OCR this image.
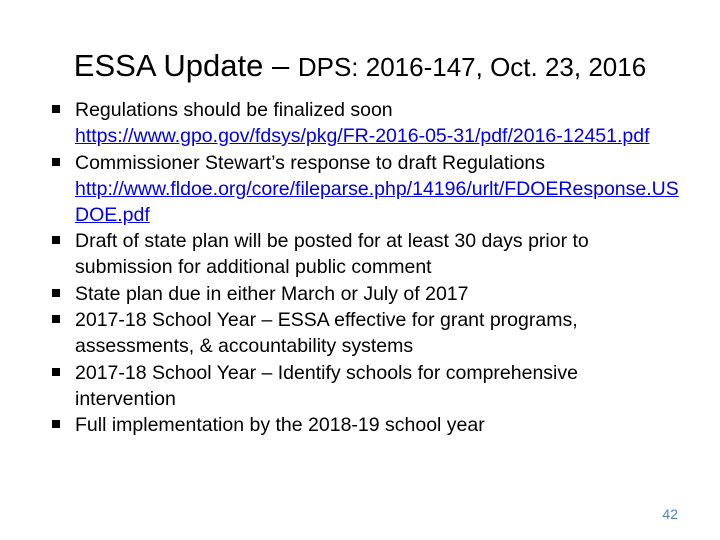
ESSA Update – DPS: 2016-147, Oct. 23, 2016
Regulations should be finalized soon
https://www.gpo.gov/fdsys/pkg/FR-2016-05-31/pdf/2016-12451.pdf
Commissioner Stewart’s response to draft Regulations
http://www.fldoe.org/core/fileparse.php/14196/urlt/FDOEResponse.USDOE.pdf
Draft of state plan will be posted for at least 30 days prior to submission for additional public comment
State plan due in either March or July of 2017
2017-18 School Year – ESSA effective for grant programs, assessments, & accountability systems
2017-18 School Year – Identify schools for comprehensive intervention
Full implementation by the 2018-19 school year
42
